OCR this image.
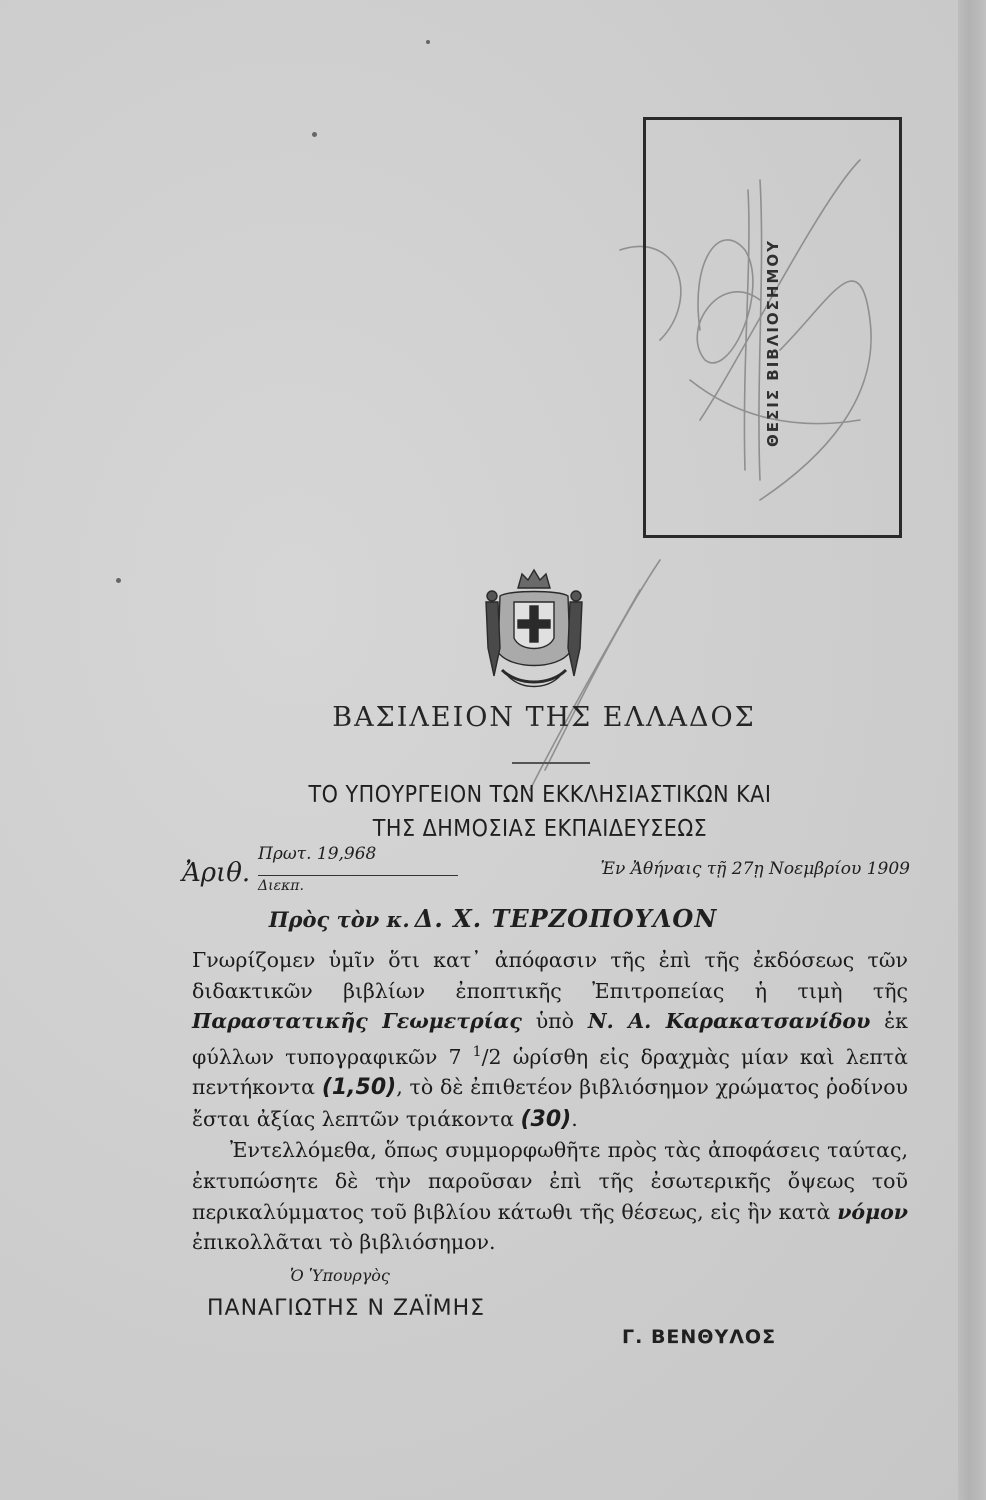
ΘΕΣΙΣ ΒΙΒΛΙΟΣΗΜΟΥ
ΒΑΣΙΛΕΙΟΝ ΤΗΣ ΕΛΛΑΔΟΣ
ΤΟ ΥΠΟΥΡΓΕΙΟΝ ΤΩΝ ΕΚΚΛΗΣΙΑΣΤΙΚΩΝ ΚΑΙ
ΤΗΣ ΔΗΜΟΣΙΑΣ ΕΚΠΑΙΔΕΥΣΕΩΣ
Ἀριθ.
Πρωτ. 19,968
Διεκπ.
Ἐν Ἀθήναις τῇ 27ῃ Νοεμβρίου 1909
Πρὸς τὸν κ. Δ. Χ. ΤΕΡΖΟΠΟΥΛΟΝ

Γνωρίζομεν ὑμῖν ὅτι κατ᾽ ἀπόφασιν τῆς ἐπὶ τῆς ἐκδόσεως τῶν διδακτικῶν βιβλίων ἐποπτικῆς Ἐπιτροπείας ἡ τιμὴ τῆς Παραστατικῆς Γεωμετρίας ὑπὸ Ν. Α. Καρακατσανίδου ἐκ φύλλων τυπογραφικῶν 7 $^1$/2 ὡρίσθη εἰς δραχμὰς μίαν καὶ λεπτὰ πεντήκοντα (1,50), τὸ δὲ ἐπιθετέον βιβλιόσημον χρώματος ῥοδίνου ἔσται ἀξίας λεπτῶν τριάκοντα (30).

Ἐντελλόμεθα, ὅπως συμμορφωθῆτε πρὸς τὰς ἀποφάσεις ταύτας, ἐκτυπώσητε δὲ τὴν παροῦσαν ἐπὶ τῆς ἐσωτερικῆς ὄψεως τοῦ περικαλύμματος τοῦ βιβλίου κάτωθι τῆς θέσεως, εἰς ἣν κατὰ νόμον ἐπικολλᾶται τὸ βιβλιόσημον.

Ὁ Ὑπουργὸς
ΠΑΝΑΓΙΩΤΗΣ Ν ΖΑΪΜΗΣ
Γ. ΒΕΝΘΥΛΟΣ
